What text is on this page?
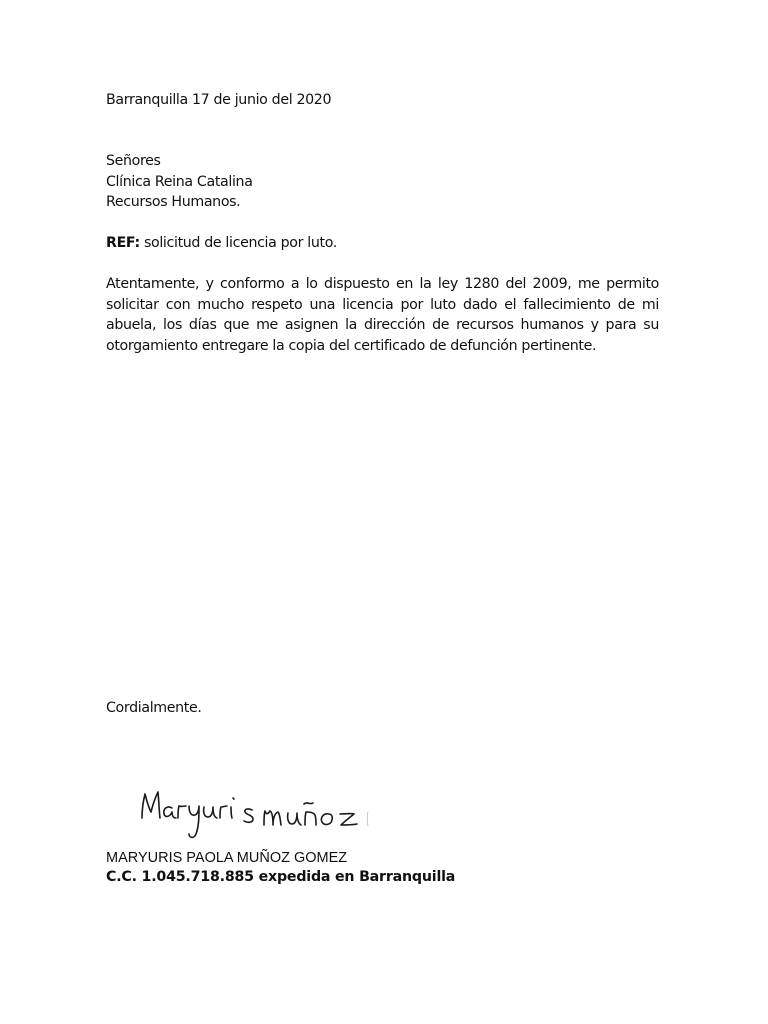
Barranquilla 17 de junio del 2020
Señores
Clínica Reina Catalina
Recursos Humanos.
REF: solicitud de licencia por luto.
Atentamente, y conformo a lo dispuesto en la ley 1280 del 2009, me permito
solicitar con mucho respeto una licencia por luto dado el fallecimiento de mi
abuela, los días que me asignen la dirección de recursos humanos y para su
otorgamiento entregare la copia del certificado de defunción pertinente.
Cordialmente.
MARYURIS PAOLA MUÑOZ GOMEZ
C.C. 1.045.718.885 expedida en Barranquilla
